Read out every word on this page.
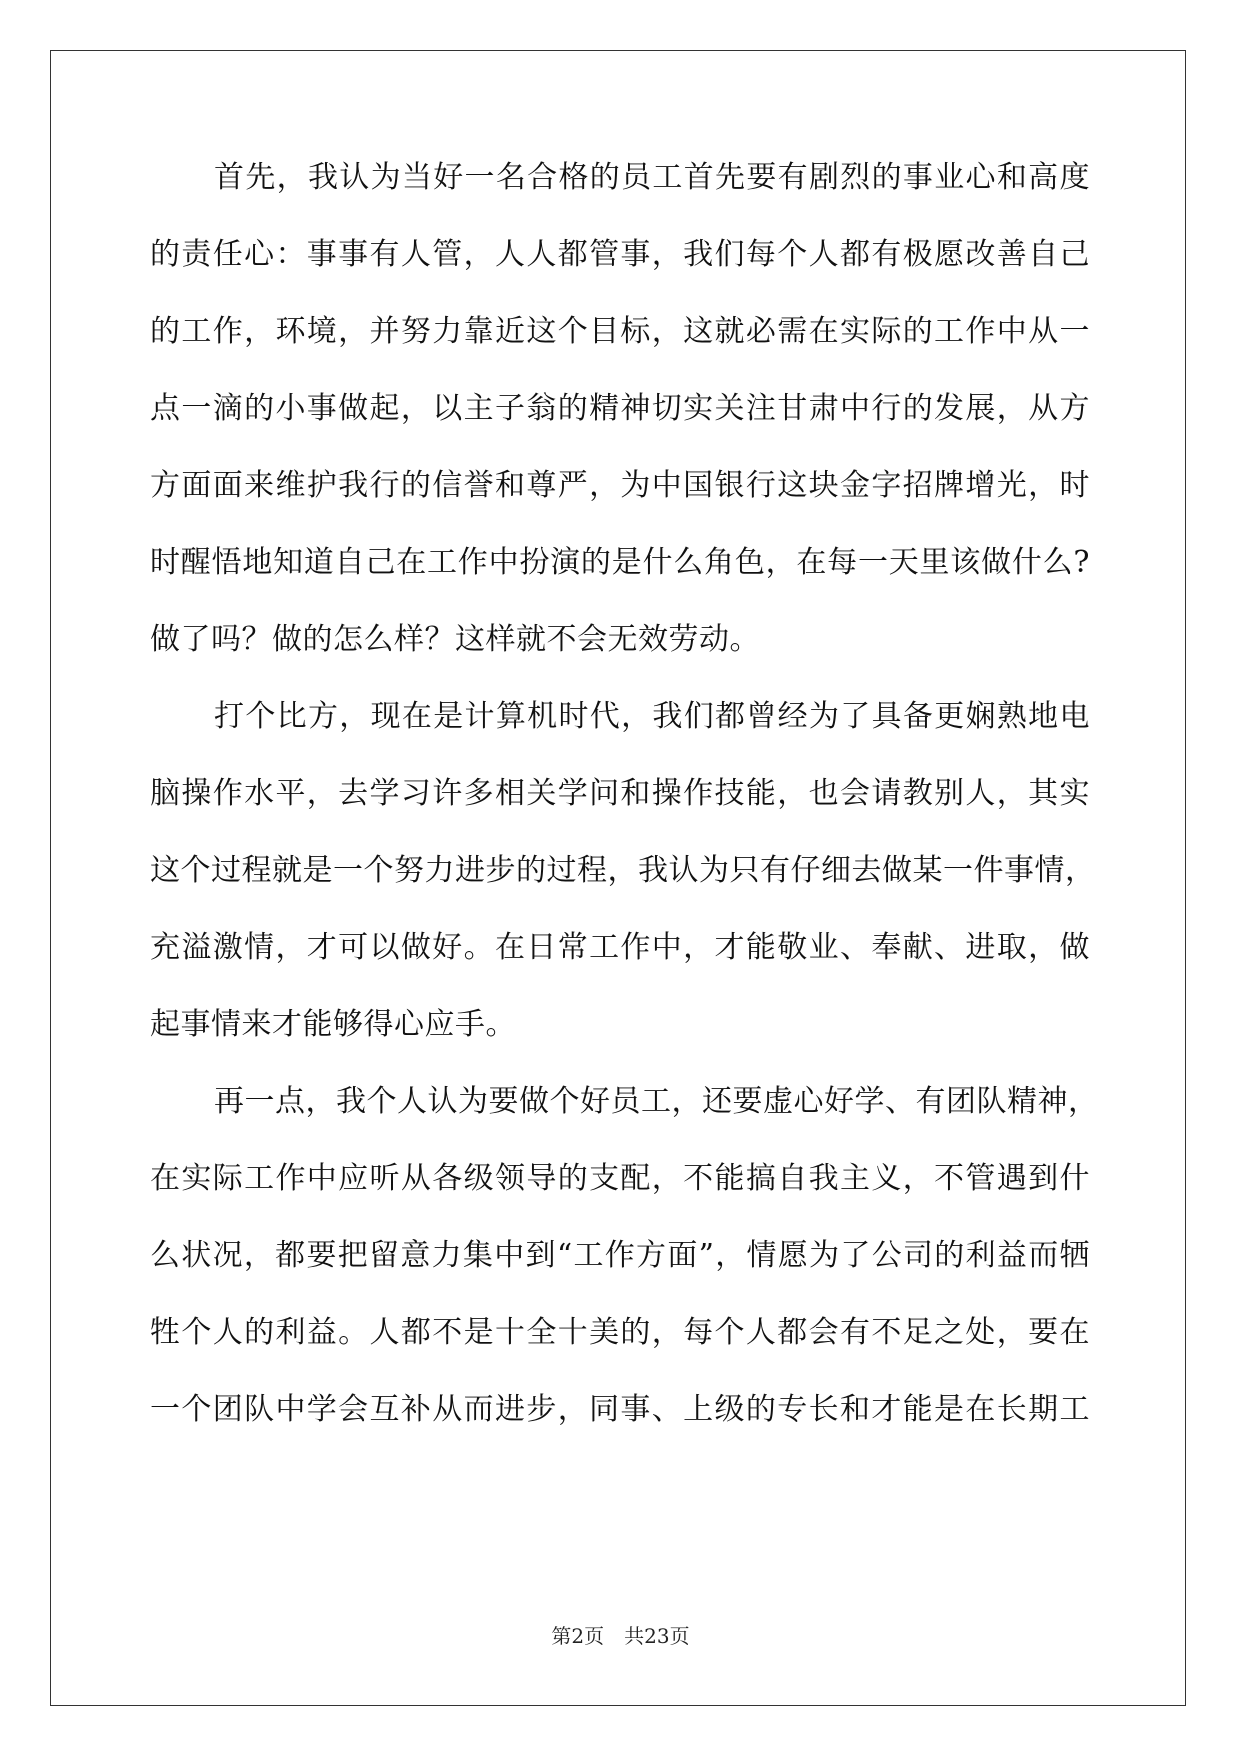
首先，我认为当好一名合格的员工首先要有剧烈的事业心和高度
的责任心：事事有人管，人人都管事，我们每个人都有极愿改善自己
的工作，环境，并努力靠近这个目标，这就必需在实际的工作中从一
点一滴的小事做起，以主子翁的精神切实关注甘肃中行的发展，从方
方面面来维护我行的信誉和尊严，为中国银行这块金字招牌增光，时
时醒悟地知道自己在工作中扮演的是什么角色，在每一天里该做什么?
做了吗？做的怎么样？这样就不会无效劳动。
打个比方，现在是计算机时代，我们都曾经为了具备更娴熟地电
脑操作水平，去学习许多相关学问和操作技能，也会请教别人，其实
这个过程就是一个努力进步的过程，我认为只有仔细去做某一件事情，
充溢激情，才可以做好。在日常工作中，才能敬业、奉献、进取，做
起事情来才能够得心应手。
再一点，我个人认为要做个好员工，还要虚心好学、有团队精神，
在实际工作中应听从各级领导的支配，不能搞自我主义，不管遇到什
么状况，都要把留意力集中到“工作方面”，情愿为了公司的利益而牺
牲个人的利益。人都不是十全十美的，每个人都会有不足之处，要在
一个团队中学会互补从而进步，同事、上级的专长和才能是在长期工
第2页　共23页
